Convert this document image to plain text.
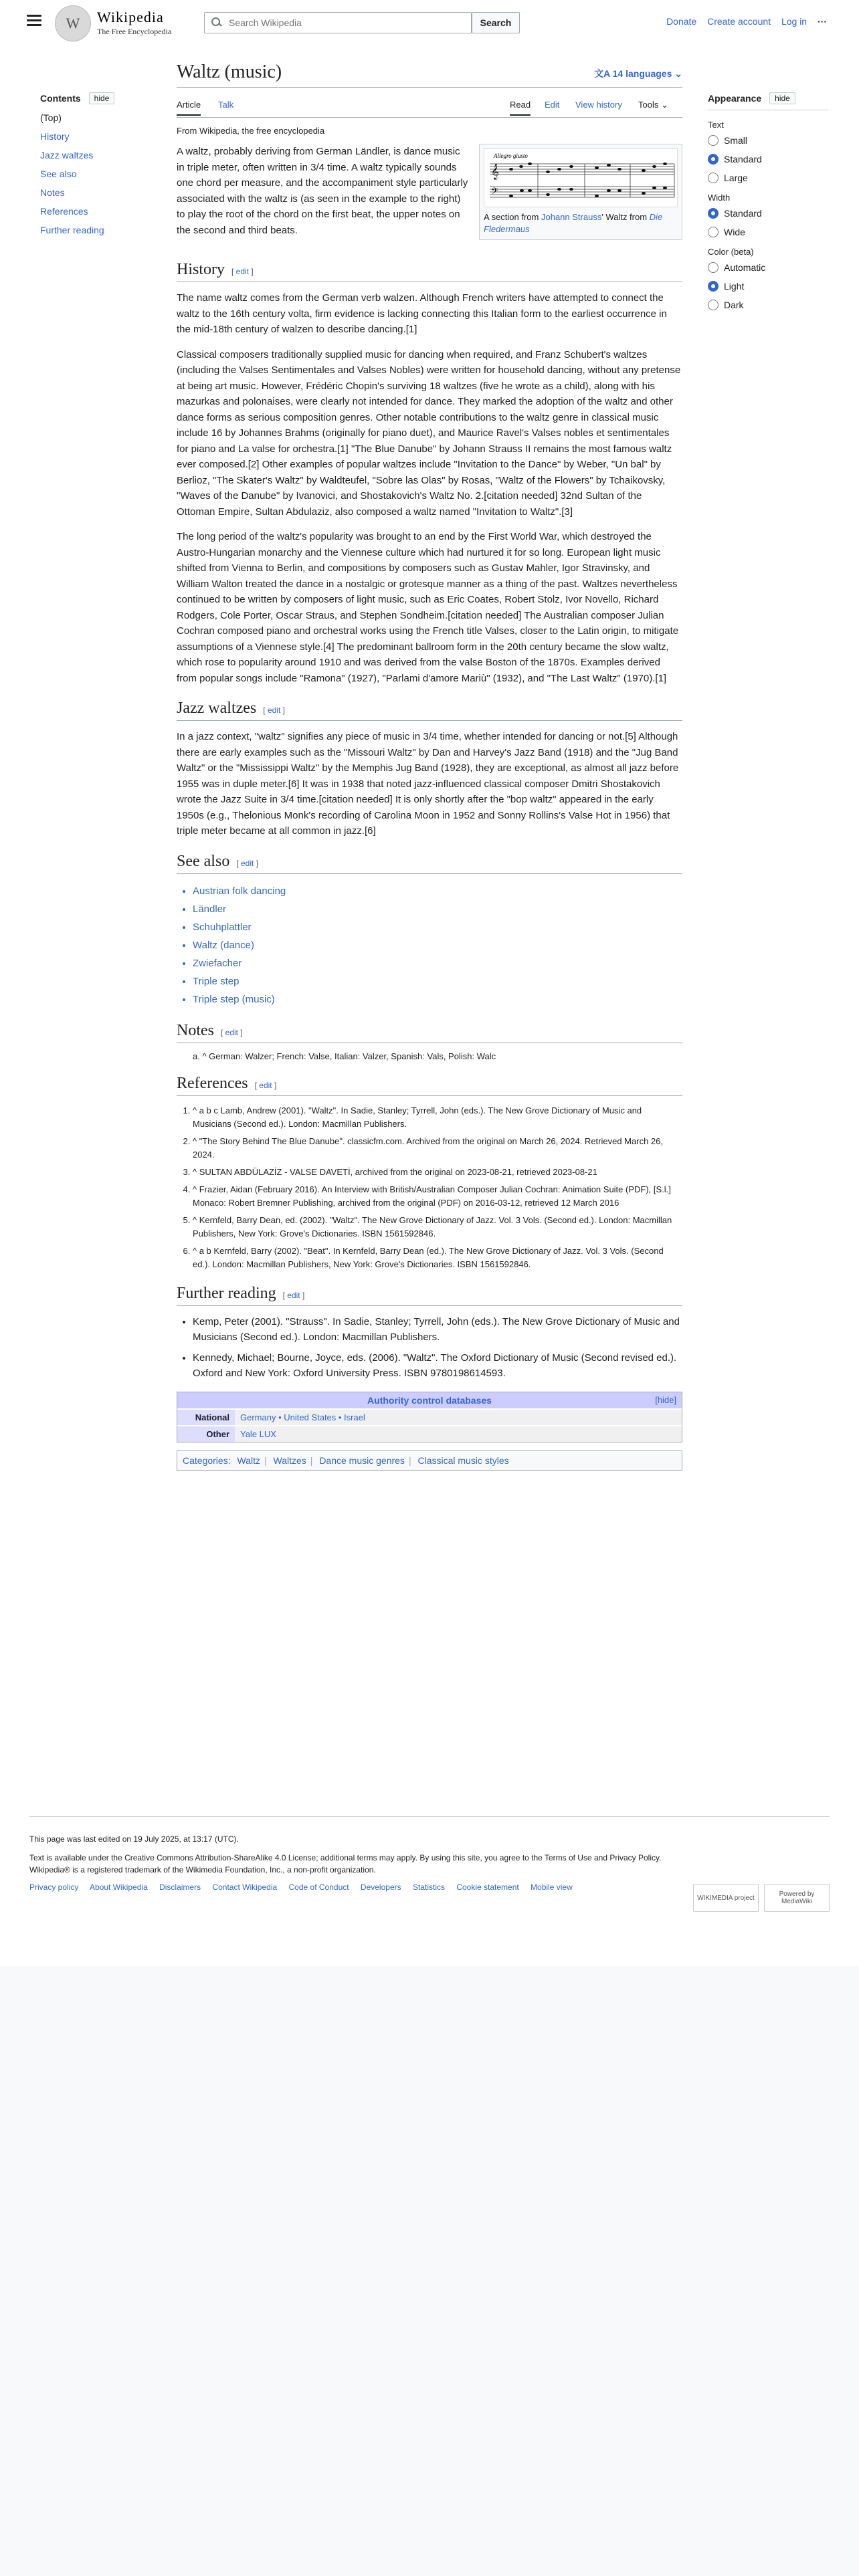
W	Wikipedia
The Free Encyclopedia
Search Wikipedia
Search	Donate Create account Log in ···
Contents	hide
(Top)
History
Jazz waltzes
See also
Notes
References
Further reading
Waltz (music)	文A 14 languages ⌄
Article Talk	Read Edit View history Tools ⌄
From Wikipedia, the free encyclopedia
Allegro giusto
𝄞
𝄢
A section from Johann Strauss' Waltz from Die Fledermaus

A waltz, probably deriving from German Ländler, is dance music in triple meter, often written in 3/4 time. A waltz typically sounds one chord per measure, and the accompaniment style particularly associated with the waltz is (as seen in the example to the right) to play the root of the chord on the first beat, the upper notes on the second and third beats.

History [ edit ]

The name waltz comes from the German verb walzen. Although French writers have attempted to connect the waltz to the 16th century volta, firm evidence is lacking connecting this Italian form to the earliest occurrence in the mid-18th century of walzen to describe dancing.[1]

Classical composers traditionally supplied music for dancing when required, and Franz Schubert's waltzes (including the Valses Sentimentales and Valses Nobles) were written for household dancing, without any pretense at being art music. However, Frédéric Chopin's surviving 18 waltzes (five he wrote as a child), along with his mazurkas and polonaises, were clearly not intended for dance. They marked the adoption of the waltz and other dance forms as serious composition genres. Other notable contributions to the waltz genre in classical music include 16 by Johannes Brahms (originally for piano duet), and Maurice Ravel's Valses nobles et sentimentales for piano and La valse for orchestra.[1] "The Blue Danube" by Johann Strauss II remains the most famous waltz ever composed.[2] Other examples of popular waltzes include "Invitation to the Dance" by Weber, "Un bal" by Berlioz, "The Skater's Waltz" by Waldteufel, "Sobre las Olas" by Rosas, "Waltz of the Flowers" by Tchaikovsky, "Waves of the Danube" by Ivanovici, and Shostakovich's Waltz No. 2.[citation needed] 32nd Sultan of the Ottoman Empire, Sultan Abdulaziz, also composed a waltz named "Invitation to Waltz".[3]

The long period of the waltz's popularity was brought to an end by the First World War, which destroyed the Austro-Hungarian monarchy and the Viennese culture which had nurtured it for so long. European light music shifted from Vienna to Berlin, and compositions by composers such as Gustav Mahler, Igor Stravinsky, and William Walton treated the dance in a nostalgic or grotesque manner as a thing of the past. Waltzes nevertheless continued to be written by composers of light music, such as Eric Coates, Robert Stolz, Ivor Novello, Richard Rodgers, Cole Porter, Oscar Straus, and Stephen Sondheim.[citation needed] The Australian composer Julian Cochran composed piano and orchestral works using the French title Valses, closer to the Latin origin, to mitigate assumptions of a Viennese style.[4] The predominant ballroom form in the 20th century became the slow waltz, which rose to popularity around 1910 and was derived from the valse Boston of the 1870s. Examples derived from popular songs include "Ramona" (1927), "Parlami d'amore Mariù" (1932), and "The Last Waltz" (1970).[1]

Jazz waltzes [ edit ]

In a jazz context, "waltz" signifies any piece of music in 3/4 time, whether intended for dancing or not.[5] Although there are early examples such as the "Missouri Waltz" by Dan and Harvey's Jazz Band (1918) and the "Jug Band Waltz" or the "Mississippi Waltz" by the Memphis Jug Band (1928), they are exceptional, as almost all jazz before 1955 was in duple meter.[6] It was in 1938 that noted jazz-influenced classical composer Dmitri Shostakovich wrote the Jazz Suite in 3/4 time.[citation needed] It is only shortly after the "bop waltz" appeared in the early 1950s (e.g., Thelonious Monk's recording of Carolina Moon in 1952 and Sonny Rollins's Valse Hot in 1956) that triple meter became at all common in jazz.[6]

See also [ edit ]
• Austrian folk dancing
• Ländler
• Schuhplattler
• Waltz (dance)
• Zwiefacher
• Triple step
• Triple step (music)
Notes [ edit ]
a. ^ German: Walzer; French: Valse, Italian: Valzer, Spanish: Vals, Polish: Walc
References [ edit ]
1. ^ a b c Lamb, Andrew (2001). "Waltz". In Sadie, Stanley; Tyrrell, John (eds.). The New Grove Dictionary of Music and Musicians (Second ed.). London: Macmillan Publishers.
2. ^ "The Story Behind The Blue Danube". classicfm.com. Archived from the original on March 26, 2024. Retrieved March 26, 2024.
3. ^ SULTAN ABDÜLAZİZ - VALSE DAVETİ, archived from the original on 2023-08-21, retrieved 2023-08-21
4. ^ Frazier, Aidan (February 2016). An Interview with British/Australian Composer Julian Cochran: Animation Suite (PDF), [S.l.] Monaco: Robert Bremner Publishing, archived from the original (PDF) on 2016-03-12, retrieved 12 March 2016
5. ^ Kernfeld, Barry Dean, ed. (2002). "Waltz". The New Grove Dictionary of Jazz. Vol. 3 Vols. (Second ed.). London: Macmillan Publishers, New York: Grove's Dictionaries. ISBN 1561592846.
6. ^ a b Kernfeld, Barry (2002). "Beat". In Kernfeld, Barry Dean (ed.). The New Grove Dictionary of Jazz. Vol. 3 Vols. (Second ed.). London: Macmillan Publishers, New York: Grove's Dictionaries. ISBN 1561592846.
Further reading [ edit ]
• Kemp, Peter (2001). "Strauss". In Sadie, Stanley; Tyrrell, John (eds.). The New Grove Dictionary of Music and Musicians (Second ed.). London: Macmillan Publishers.
• Kennedy, Michael; Bourne, Joyce, eds. (2006). "Waltz". The Oxford Dictionary of Music (Second revised ed.). Oxford and New York: Oxford University Press. ISBN 9780198614593.
Authority control databases	[hide]
National	Germany • United States • Israel
Other	Yale LUX
Categories: Waltz | Waltzes | Dance music genres | Classical music styles
Appearance	hide
Text
Small
Standard
Large
Width
Standard
Wide
Color (beta)
Automatic
Light
Dark

This page was last edited on 19 July 2025, at 13:17 (UTC).

Text is available under the Creative Commons Attribution-ShareAlike 4.0 License; additional terms may apply. By using this site, you agree to the Terms of Use and Privacy Policy. Wikipedia® is a registered trademark of the Wikimedia Foundation, Inc., a non-profit organization.

Privacy policy About Wikipedia Disclaimers Contact Wikipedia Code of Conduct Developers Statistics Cookie statement Mobile view
WIKIMEDIA project	Powered by MediaWiki
